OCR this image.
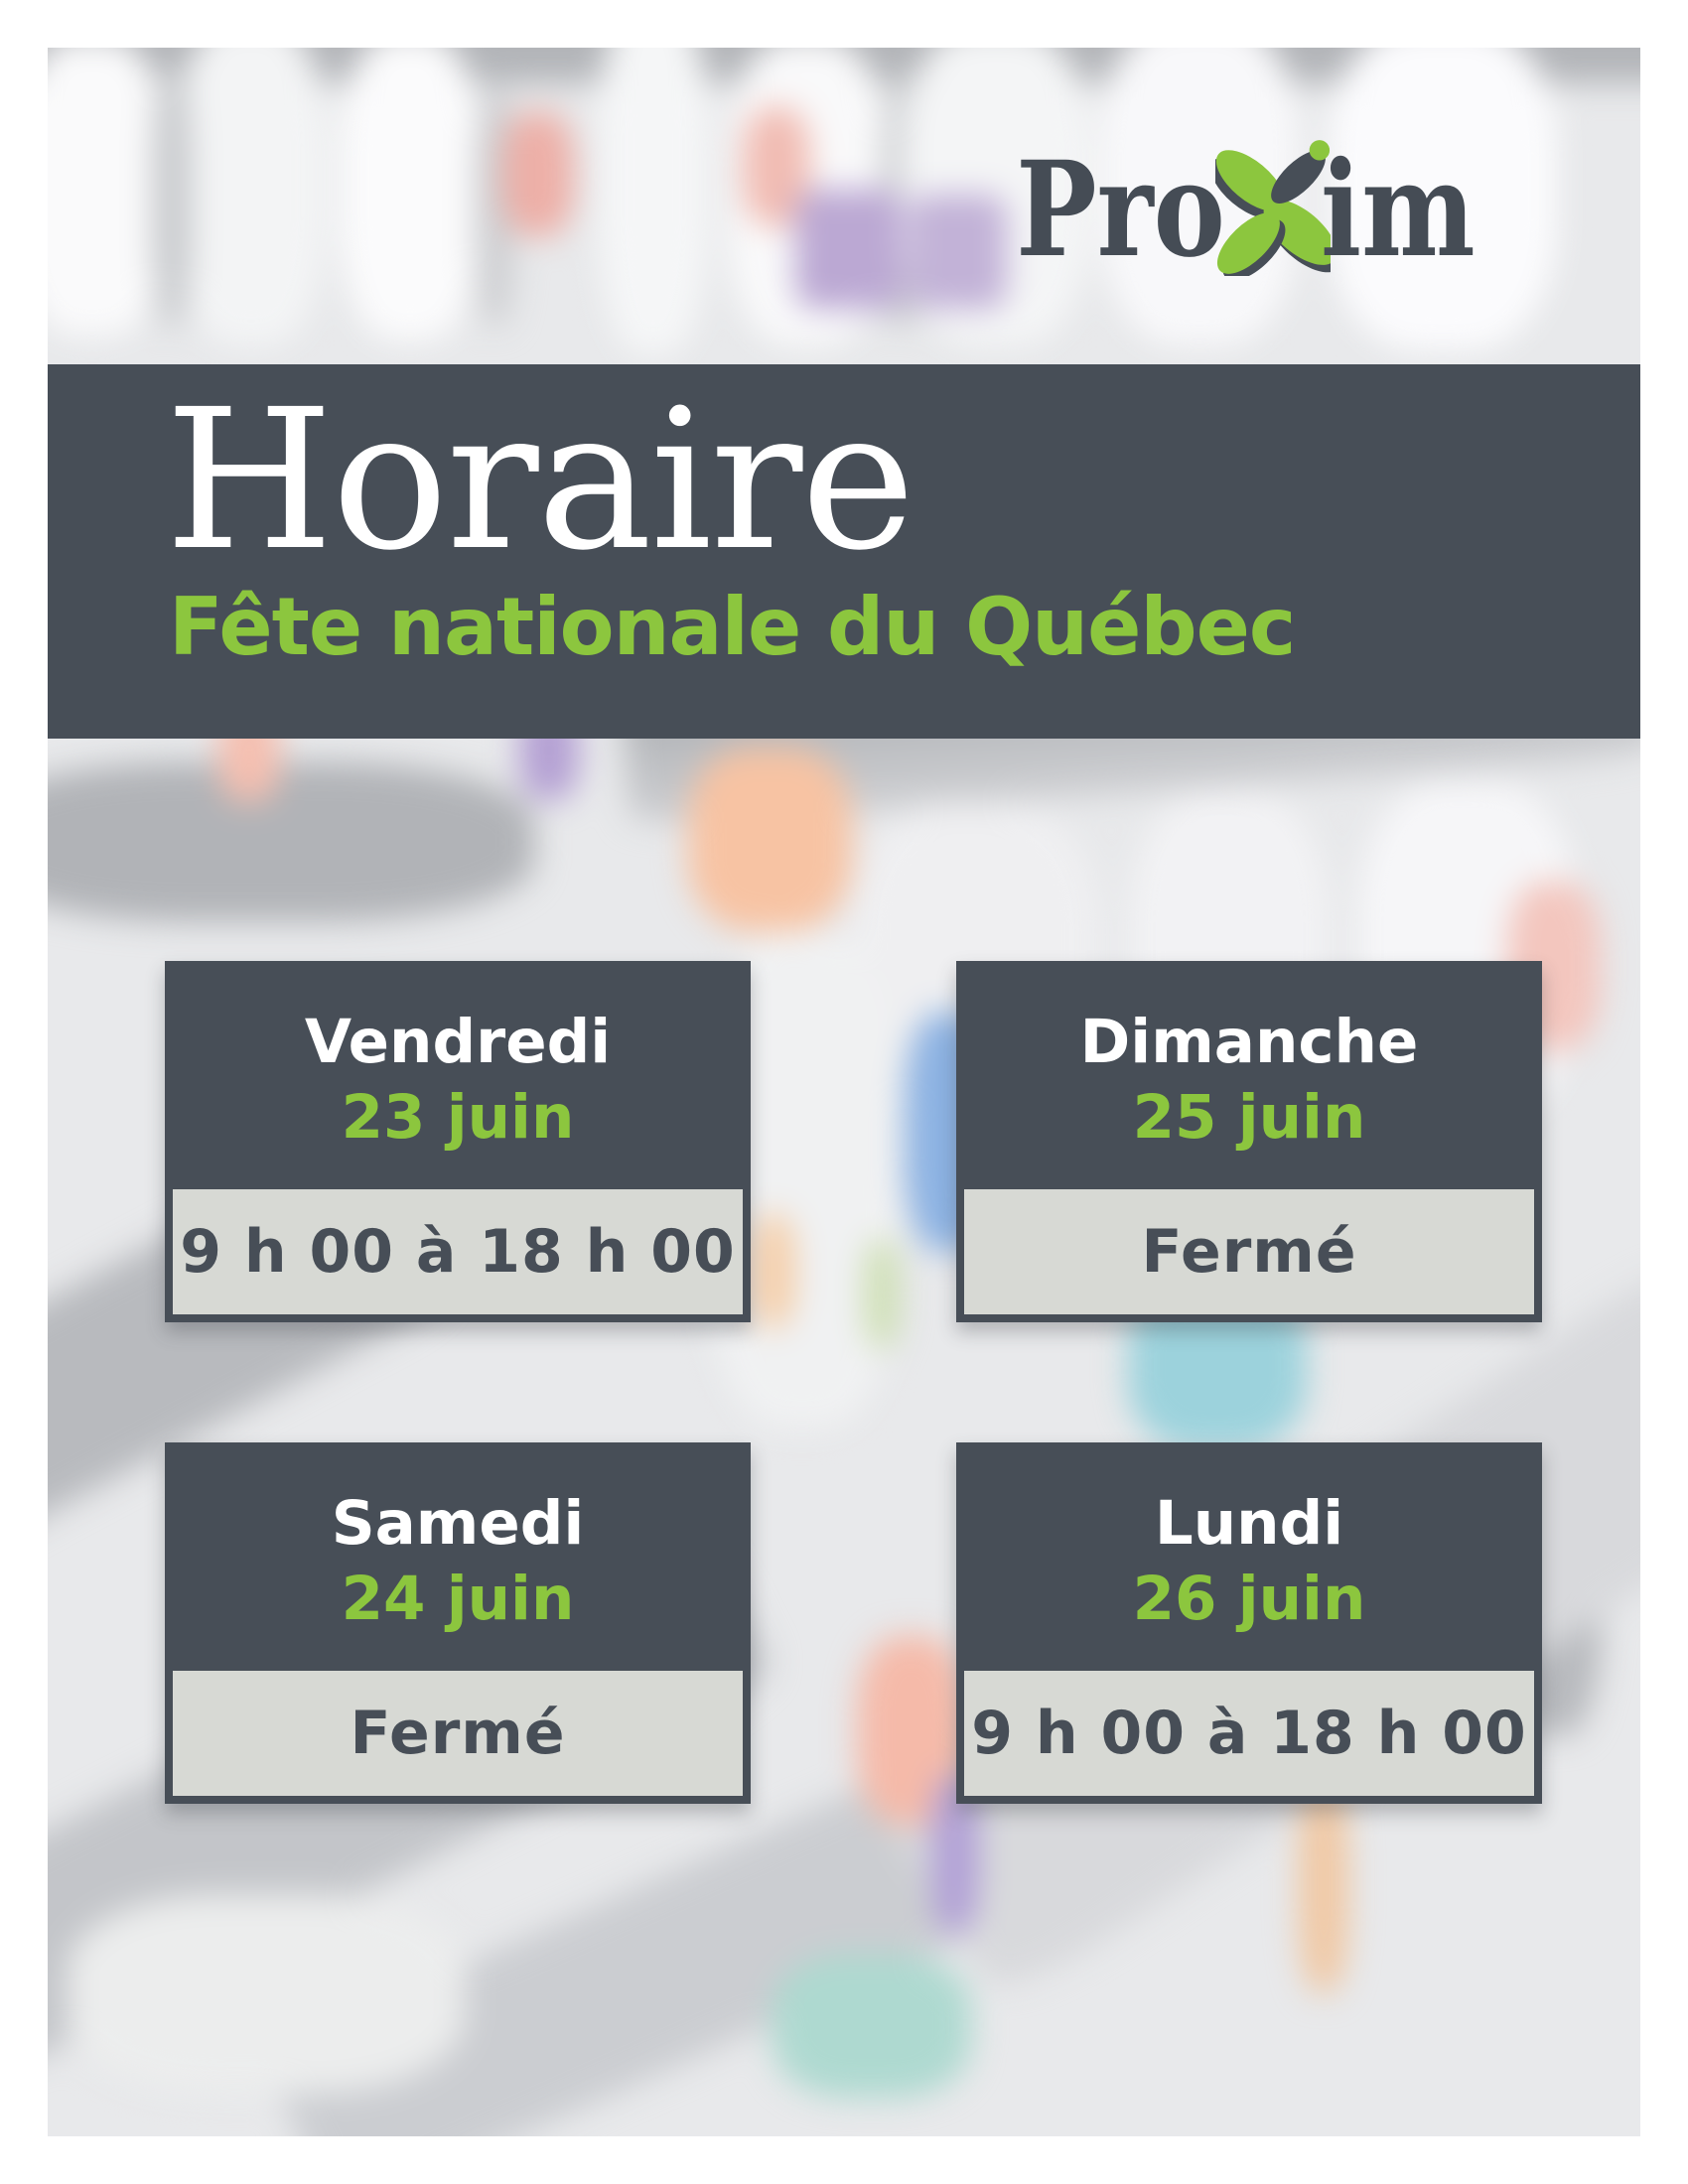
Pro im
Horaire
Fête nationale du Québec
Vendredi
23 juin
9 h 00 à 18 h 00
Dimanche
25 juin
Fermé
Samedi
24 juin
Fermé
Lundi
26 juin
9 h 00 à 18 h 00
